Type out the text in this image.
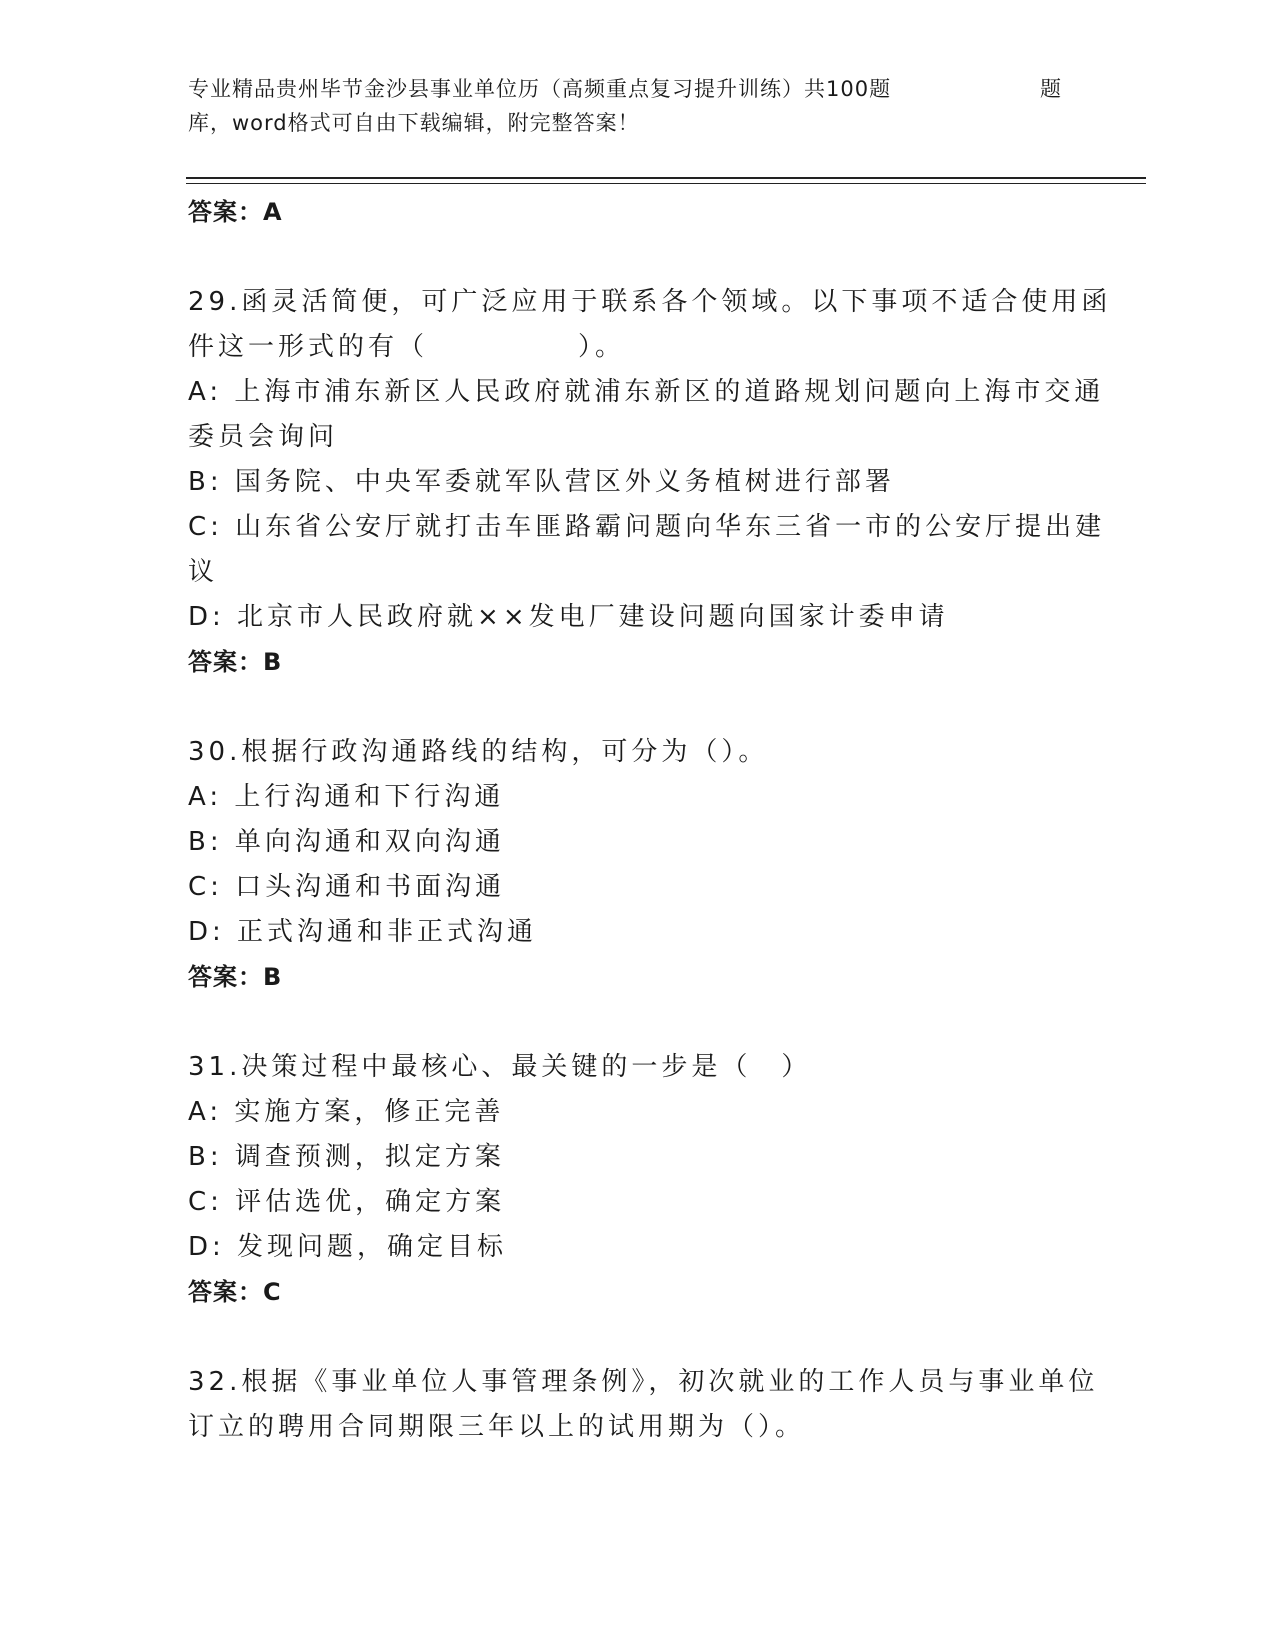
专业精品贵州毕节金沙县事业单位历（高频重点复习提升训练）共100题	题
库，word格式可自由下载编辑，附完整答案！
答案：A
29.函灵活简便，可广泛应用于联系各个领域。以下事项不适合使用函
件这一形式的有（　　　　　）。
A: 上海市浦东新区人民政府就浦东新区的道路规划问题向上海市交通
委员会询问
B: 国务院、中央军委就军队营区外义务植树进行部署
C: 山东省公安厅就打击车匪路霸问题向华东三省一市的公安厅提出建
议
D: 北京市人民政府就××发电厂建设问题向国家计委申请
答案：B
30.根据行政沟通路线的结构，可分为（）。
A: 上行沟通和下行沟通
B: 单向沟通和双向沟通
C: 口头沟通和书面沟通
D: 正式沟通和非正式沟通
答案：B
31.决策过程中最核心、最关键的一步是（　）
A: 实施方案，修正完善
B: 调查预测，拟定方案
C: 评估选优，确定方案
D: 发现问题，确定目标
答案：C
32.根据《事业单位人事管理条例》，初次就业的工作人员与事业单位
订立的聘用合同期限三年以上的试用期为（）。
